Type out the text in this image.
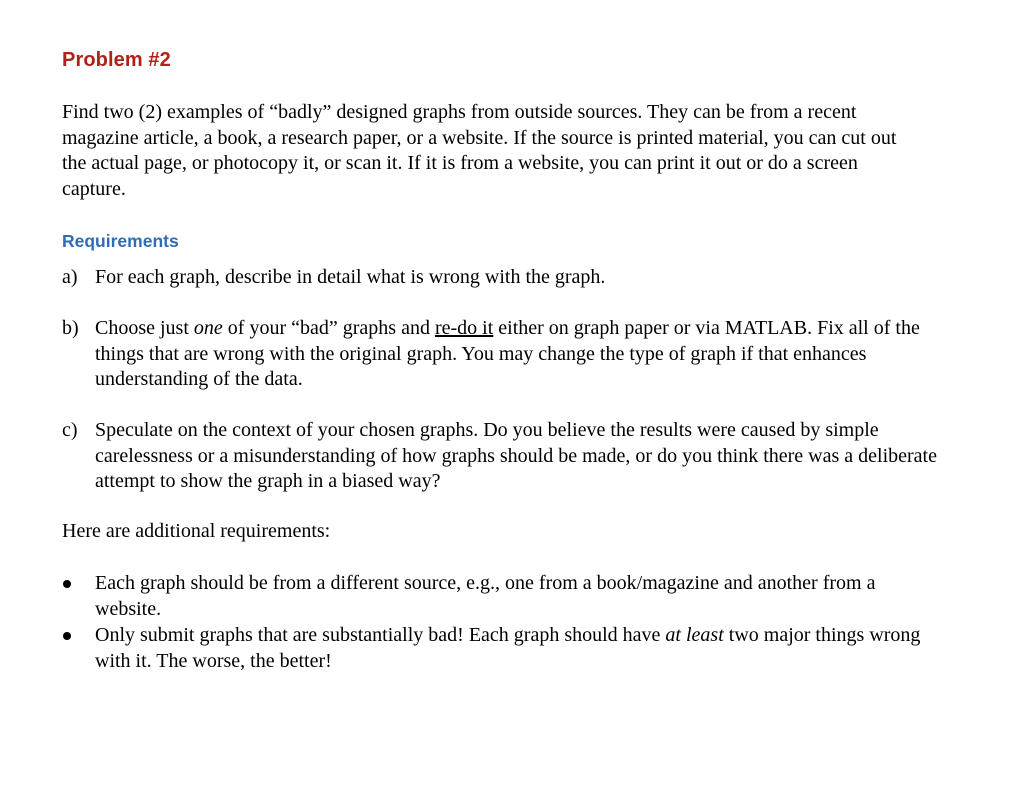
Problem #2

Find two (2) examples of “badly” designed graphs from outside sources. They can be from a recent magazine article, a book, a research paper, or a website. If the source is printed material, you can cut out the actual page, or photocopy it, or scan it. If it is from a website, you can print it out or do a screen capture.

Requirements
a) For each graph, describe in detail what is wrong with the graph.
b) Choose just one of your “bad” graphs and re-do it either on graph paper or via MATLAB. Fix all of the things that are wrong with the original graph. You may change the type of graph if that enhances understanding of the data.
c) Speculate on the context of your chosen graphs. Do you believe the results were caused by simple carelessness or a misunderstanding of how graphs should be made, or do you think there was a deliberate attempt to show the graph in a biased way?

Here are additional requirements:

Each graph should be from a different source, e.g., one from a book/magazine and another from a website.
Only submit graphs that are substantially bad! Each graph should have at least two major things wrong with it. The worse, the better!
